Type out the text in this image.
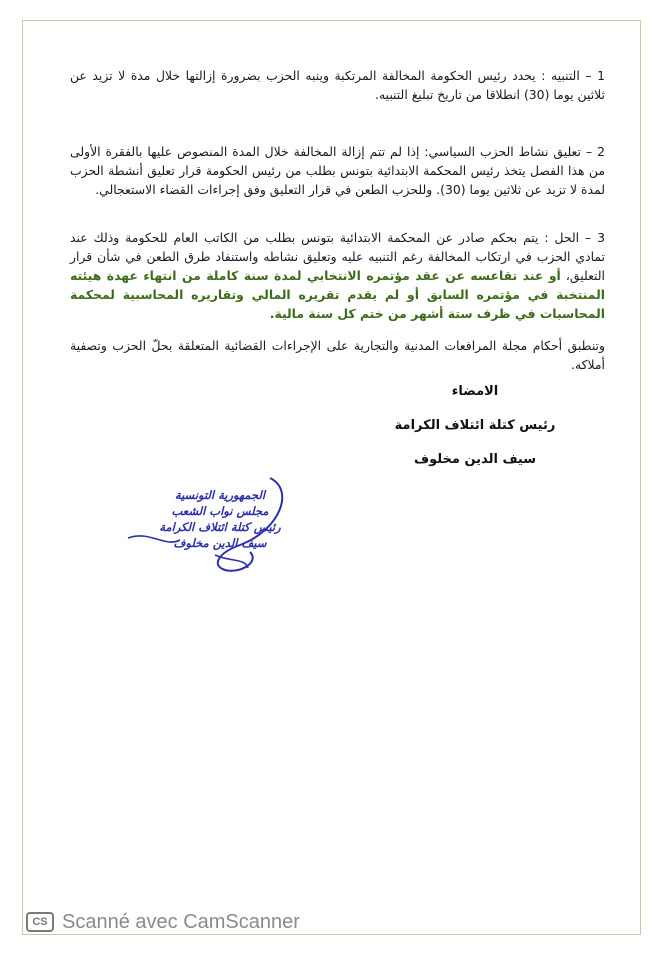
1 – التنبيه : يحدد رئيس الحكومة المخالفة المرتكبة وينبه الحزب بضرورة إزالتها خلال مدة لا تزيد عن ثلاثين يوما (30) انطلاقا من تاريخ تبليغ التنبيه.

2 – تعليق نشاط الحزب السياسي: إذا لم تتم إزالة المخالفة خلال المدة المنصوص عليها بالفقرة الأولى من هذا الفصل يتخذ رئيس المحكمة الابتدائية بتونس بطلب من رئيس الحكومة قرار تعليق أنشطة الحزب لمدة لا تزيد عن ثلاثين يوما (30). وللحزب الطعن في قرار التعليق وفق إجراءات القضاء الاستعجالي.

3 – الحل : يتم بحكم صادر عن المحكمة الابتدائية بتونس بطلب من الكاتب العام للحكومة وذلك عند تمادي الحزب في ارتكاب المخالفة رغم التنبيه عليه وتعليق نشاطه واستنفاد طرق الطعن في شأن قرار التعليق، أو عند تقاعسه عن عقد مؤتمره الانتخابي لمدة سنة كاملة من انتهاء عهدة هيئته المنتخبة في مؤتمره السابق أو لم يقدم تقريره المالي وتقاريره المحاسبية لمحكمة المحاسبات في ظرف ستة أشهر من ختم كل سنة مالية.

وتنطبق أحكام مجلة المرافعات المدنية والتجارية على الإجراءات القضائية المتعلقة بحلّ الحزب وتصفية أملاكه.

الامضاء
رئيس كتلة ائتلاف الكرامة
سيف الدين مخلوف
الجمهورية التونسية
مجلس نواب الشعب
رئيس كتلة ائتلاف الكرامة
سيف الدين مخلوف
CS Scanné avec CamScanner
